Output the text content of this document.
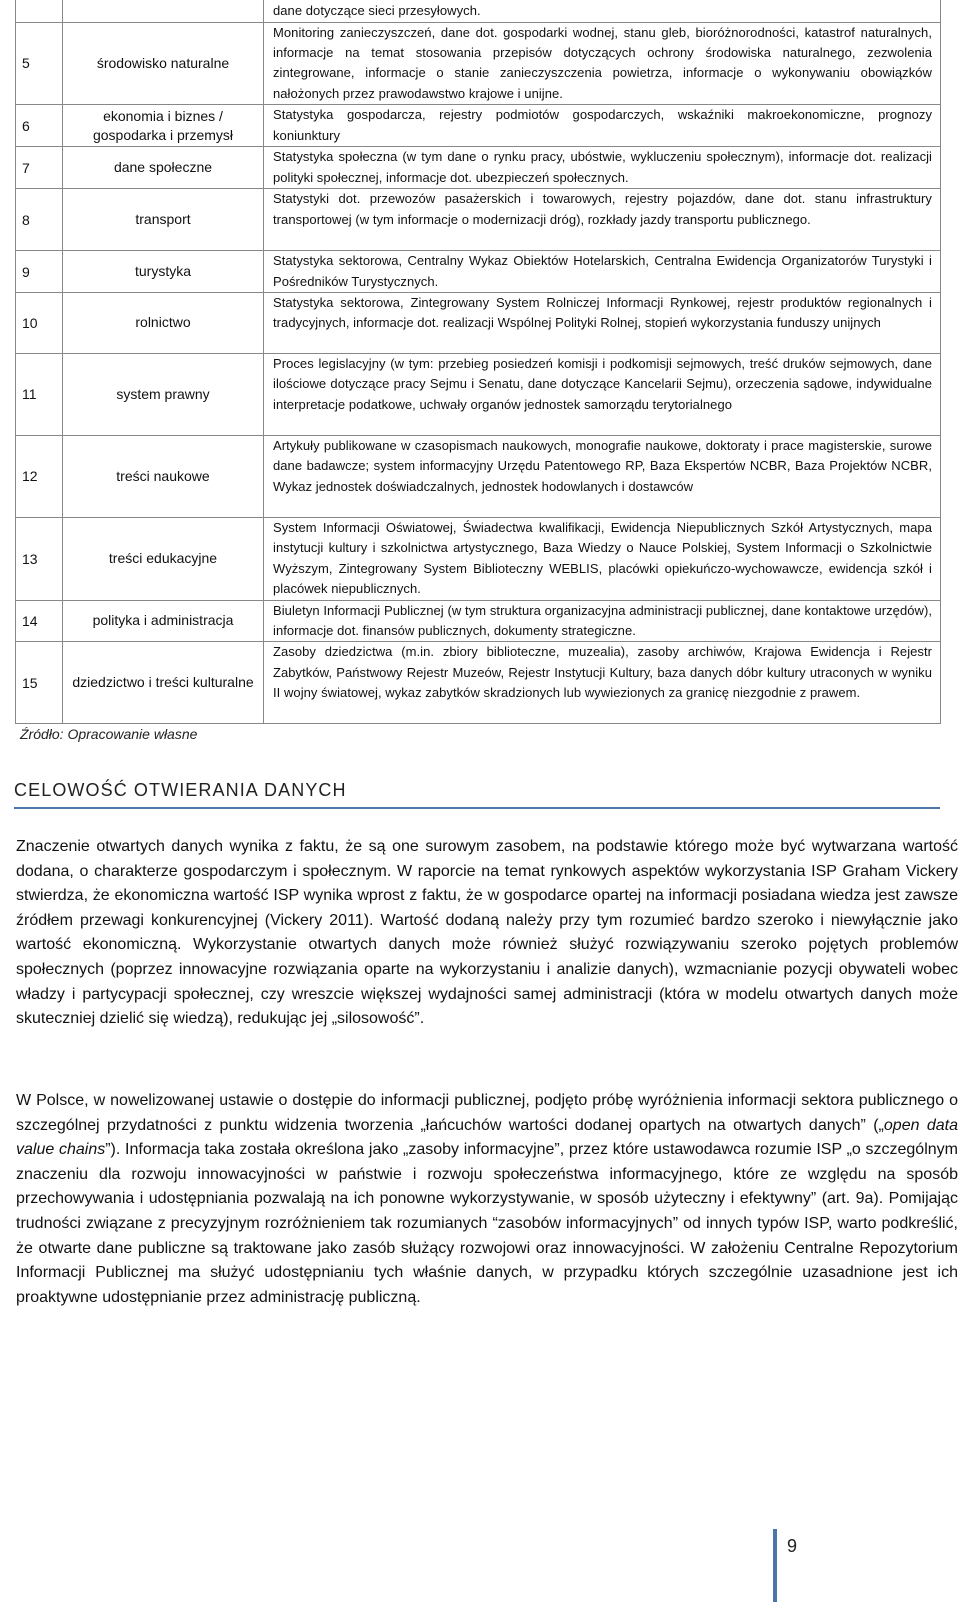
		dane dotyczące sieci przesyłowych.
5	środowisko naturalne	Monitoring zanieczyszczeń, dane dot. gospodarki wodnej, stanu gleb, bioróżnorodności, katastrof naturalnych, informacje na temat stosowania przepisów dotyczących ochrony środowiska naturalnego, zezwolenia zintegrowane, informacje o stanie zanieczyszczenia powietrza, informacje o wykonywaniu obowiązków nałożonych przez prawodawstwo krajowe i unijne.
6	ekonomia i biznes / gospodarka i przemysł	Statystyka gospodarcza, rejestry podmiotów gospodarczych, wskaźniki makroekonomiczne, prognozy koniunktury
7	dane społeczne	Statystyka społeczna (w tym dane o rynku pracy, ubóstwie, wykluczeniu społecznym), informacje dot. realizacji polityki społecznej, informacje dot. ubezpieczeń społecznych.
8	transport	Statystyki dot. przewozów pasażerskich i towarowych, rejestry pojazdów, dane dot. stanu infrastruktury transportowej (w tym informacje o modernizacji dróg), rozkłady jazdy transportu publicznego.
9	turystyka	Statystyka sektorowa, Centralny Wykaz Obiektów Hotelarskich, Centralna Ewidencja Organizatorów Turystyki i Pośredników Turystycznych.
10	rolnictwo	Statystyka sektorowa, Zintegrowany System Rolniczej Informacji Rynkowej, rejestr produktów regionalnych i tradycyjnych, informacje dot. realizacji Wspólnej Polityki Rolnej, stopień wykorzystania funduszy unijnych
11	system prawny	Proces legislacyjny (w tym: przebieg posiedzeń komisji i podkomisji sejmowych, treść druków sejmowych, dane ilościowe dotyczące pracy Sejmu i Senatu, dane dotyczące Kancelarii Sejmu), orzeczenia sądowe, indywidualne interpretacje podatkowe, uchwały organów jednostek samorządu terytorialnego
12	treści naukowe	Artykuły publikowane w czasopismach naukowych, monografie naukowe, doktoraty i prace magisterskie, surowe dane badawcze; system informacyjny Urzędu Patentowego RP, Baza Ekspertów NCBR, Baza Projektów NCBR, Wykaz jednostek doświadczalnych, jednostek hodowlanych i dostawców
13	treści edukacyjne	System Informacji Oświatowej, Świadectwa kwalifikacji, Ewidencja Niepublicznych Szkół Artystycznych, mapa instytucji kultury i szkolnictwa artystycznego, Baza Wiedzy o Nauce Polskiej, System Informacji o Szkolnictwie Wyższym, Zintegrowany System Biblioteczny WEBLIS, placówki opiekuńczo-wychowawcze, ewidencja szkół i placówek niepublicznych.
14	polityka i administracja	Biuletyn Informacji Publicznej (w tym struktura organizacyjna administracji publicznej, dane kontaktowe urzędów), informacje dot. finansów publicznych, dokumenty strategiczne.
15	dziedzictwo i treści kulturalne	Zasoby dziedzictwa (m.in. zbiory biblioteczne, muzealia), zasoby archiwów, Krajowa Ewidencja i Rejestr Zabytków, Państwowy Rejestr Muzeów, Rejestr Instytucji Kultury, baza danych dóbr kultury utraconych w wyniku II wojny światowej, wykaz zabytków skradzionych lub wywiezionych za granicę niezgodnie z prawem.
Źródło: Opracowanie własne
CELOWOŚĆ OTWIERANIA DANYCH

Znaczenie otwartych danych wynika z faktu, że są one surowym zasobem, na podstawie którego może być wytwarzana wartość dodana, o charakterze gospodarczym i społecznym. W raporcie na temat rynkowych aspektów wykorzystania ISP Graham Vickery stwierdza, że ekonomiczna wartość ISP wynika wprost z faktu, że w gospodarce opartej na informacji posiadana wiedza jest zawsze źródłem przewagi konkurencyjnej (Vickery 2011). Wartość dodaną należy przy tym rozumieć bardzo szeroko i niewyłącznie jako wartość ekonomiczną. Wykorzystanie otwartych danych może również służyć rozwiązywaniu szeroko pojętych problemów społecznych (poprzez innowacyjne rozwiązania oparte na wykorzystaniu i analizie danych), wzmacnianie pozycji obywateli wobec władzy i partycypacji społecznej, czy wreszcie większej wydajności samej administracji (która w modelu otwartych danych może skuteczniej dzielić się wiedzą), redukując jej „silosowość”.

W Polsce, w nowelizowanej ustawie o dostępie do informacji publicznej, podjęto próbę wyróżnienia informacji sektora publicznego o szczególnej przydatności z punktu widzenia tworzenia „łańcuchów wartości dodanej opartych na otwartych danych” („open data value chains”). Informacja taka została określona jako „zasoby informacyjne”, przez które ustawodawca rozumie ISP „o szczególnym znaczeniu dla rozwoju innowacyjności w państwie i rozwoju społeczeństwa informacyjnego, które ze względu na sposób przechowywania i udostępniania pozwalają na ich ponowne wykorzystywanie, w sposób użyteczny i efektywny” (art. 9a). Pomijając trudności związane z precyzyjnym rozróżnieniem tak rozumianych “zasobów informacyjnych” od innych typów ISP, warto podkreślić, że otwarte dane publiczne są traktowane jako zasób służący rozwojowi oraz innowacyjności. W założeniu Centralne Repozytorium Informacji Publicznej ma służyć udostępnianiu tych właśnie danych, w przypadku których szczególnie uzasadnione jest ich proaktywne udostępnianie przez administrację publiczną.

9
